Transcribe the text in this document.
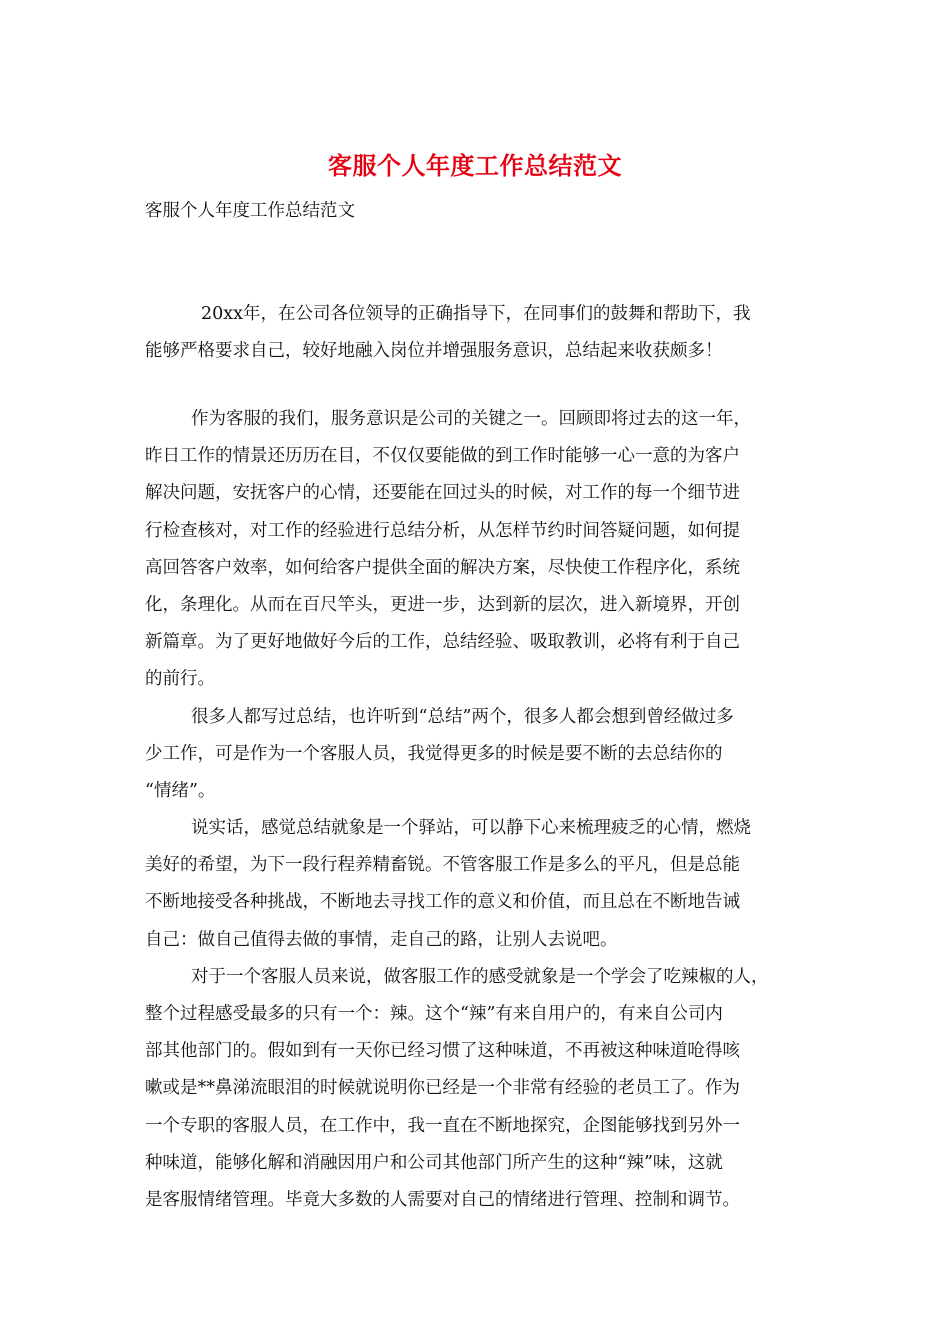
客服个人年度工作总结范文
客服个人年度工作总结范文
20xx年，在公司各位领导的正确指导下，在同事们的鼓舞和帮助下，我
能够严格要求自己，较好地融入岗位并增强服务意识，总结起来收获颇多！
作为客服的我们，服务意识是公司的关键之一。回顾即将过去的这一年，
昨日工作的情景还历历在目，不仅仅要能做的到工作时能够一心一意的为客户
解决问题，安抚客户的心情，还要能在回过头的时候，对工作的每一个细节进
行检查核对，对工作的经验进行总结分析，从怎样节约时间答疑问题，如何提
高回答客户效率，如何给客户提供全面的解决方案，尽快使工作程序化，系统
化，条理化。从而在百尺竿头，更进一步，达到新的层次，进入新境界，开创
新篇章。为了更好地做好今后的工作，总结经验、吸取教训，必将有利于自己
的前行。
很多人都写过总结，也许听到“总结”两个，很多人都会想到曾经做过多
少工作，可是作为一个客服人员，我觉得更多的时候是要不断的去总结你的
“情绪”。
说实话，感觉总结就象是一个驿站，可以静下心来梳理疲乏的心情，燃烧
美好的希望，为下一段行程养精畜锐。不管客服工作是多么的平凡，但是总能
不断地接受各种挑战，不断地去寻找工作的意义和价值，而且总在不断地告诫
自己：做自己值得去做的事情，走自己的路，让别人去说吧。
对于一个客服人员来说，做客服工作的感受就象是一个学会了吃辣椒的人，
整个过程感受最多的只有一个：辣。这个“辣”有来自用户的，有来自公司内
部其他部门的。假如到有一天你已经习惯了这种味道，不再被这种味道呛得咳
嗽或是**鼻涕流眼泪的时候就说明你已经是一个非常有经验的老员工了。作为
一个专职的客服人员，在工作中，我一直在不断地探究，企图能够找到另外一
种味道，能够化解和消融因用户和公司其他部门所产生的这种“辣”味，这就
是客服情绪管理。毕竟大多数的人需要对自己的情绪进行管理、控制和调节。
